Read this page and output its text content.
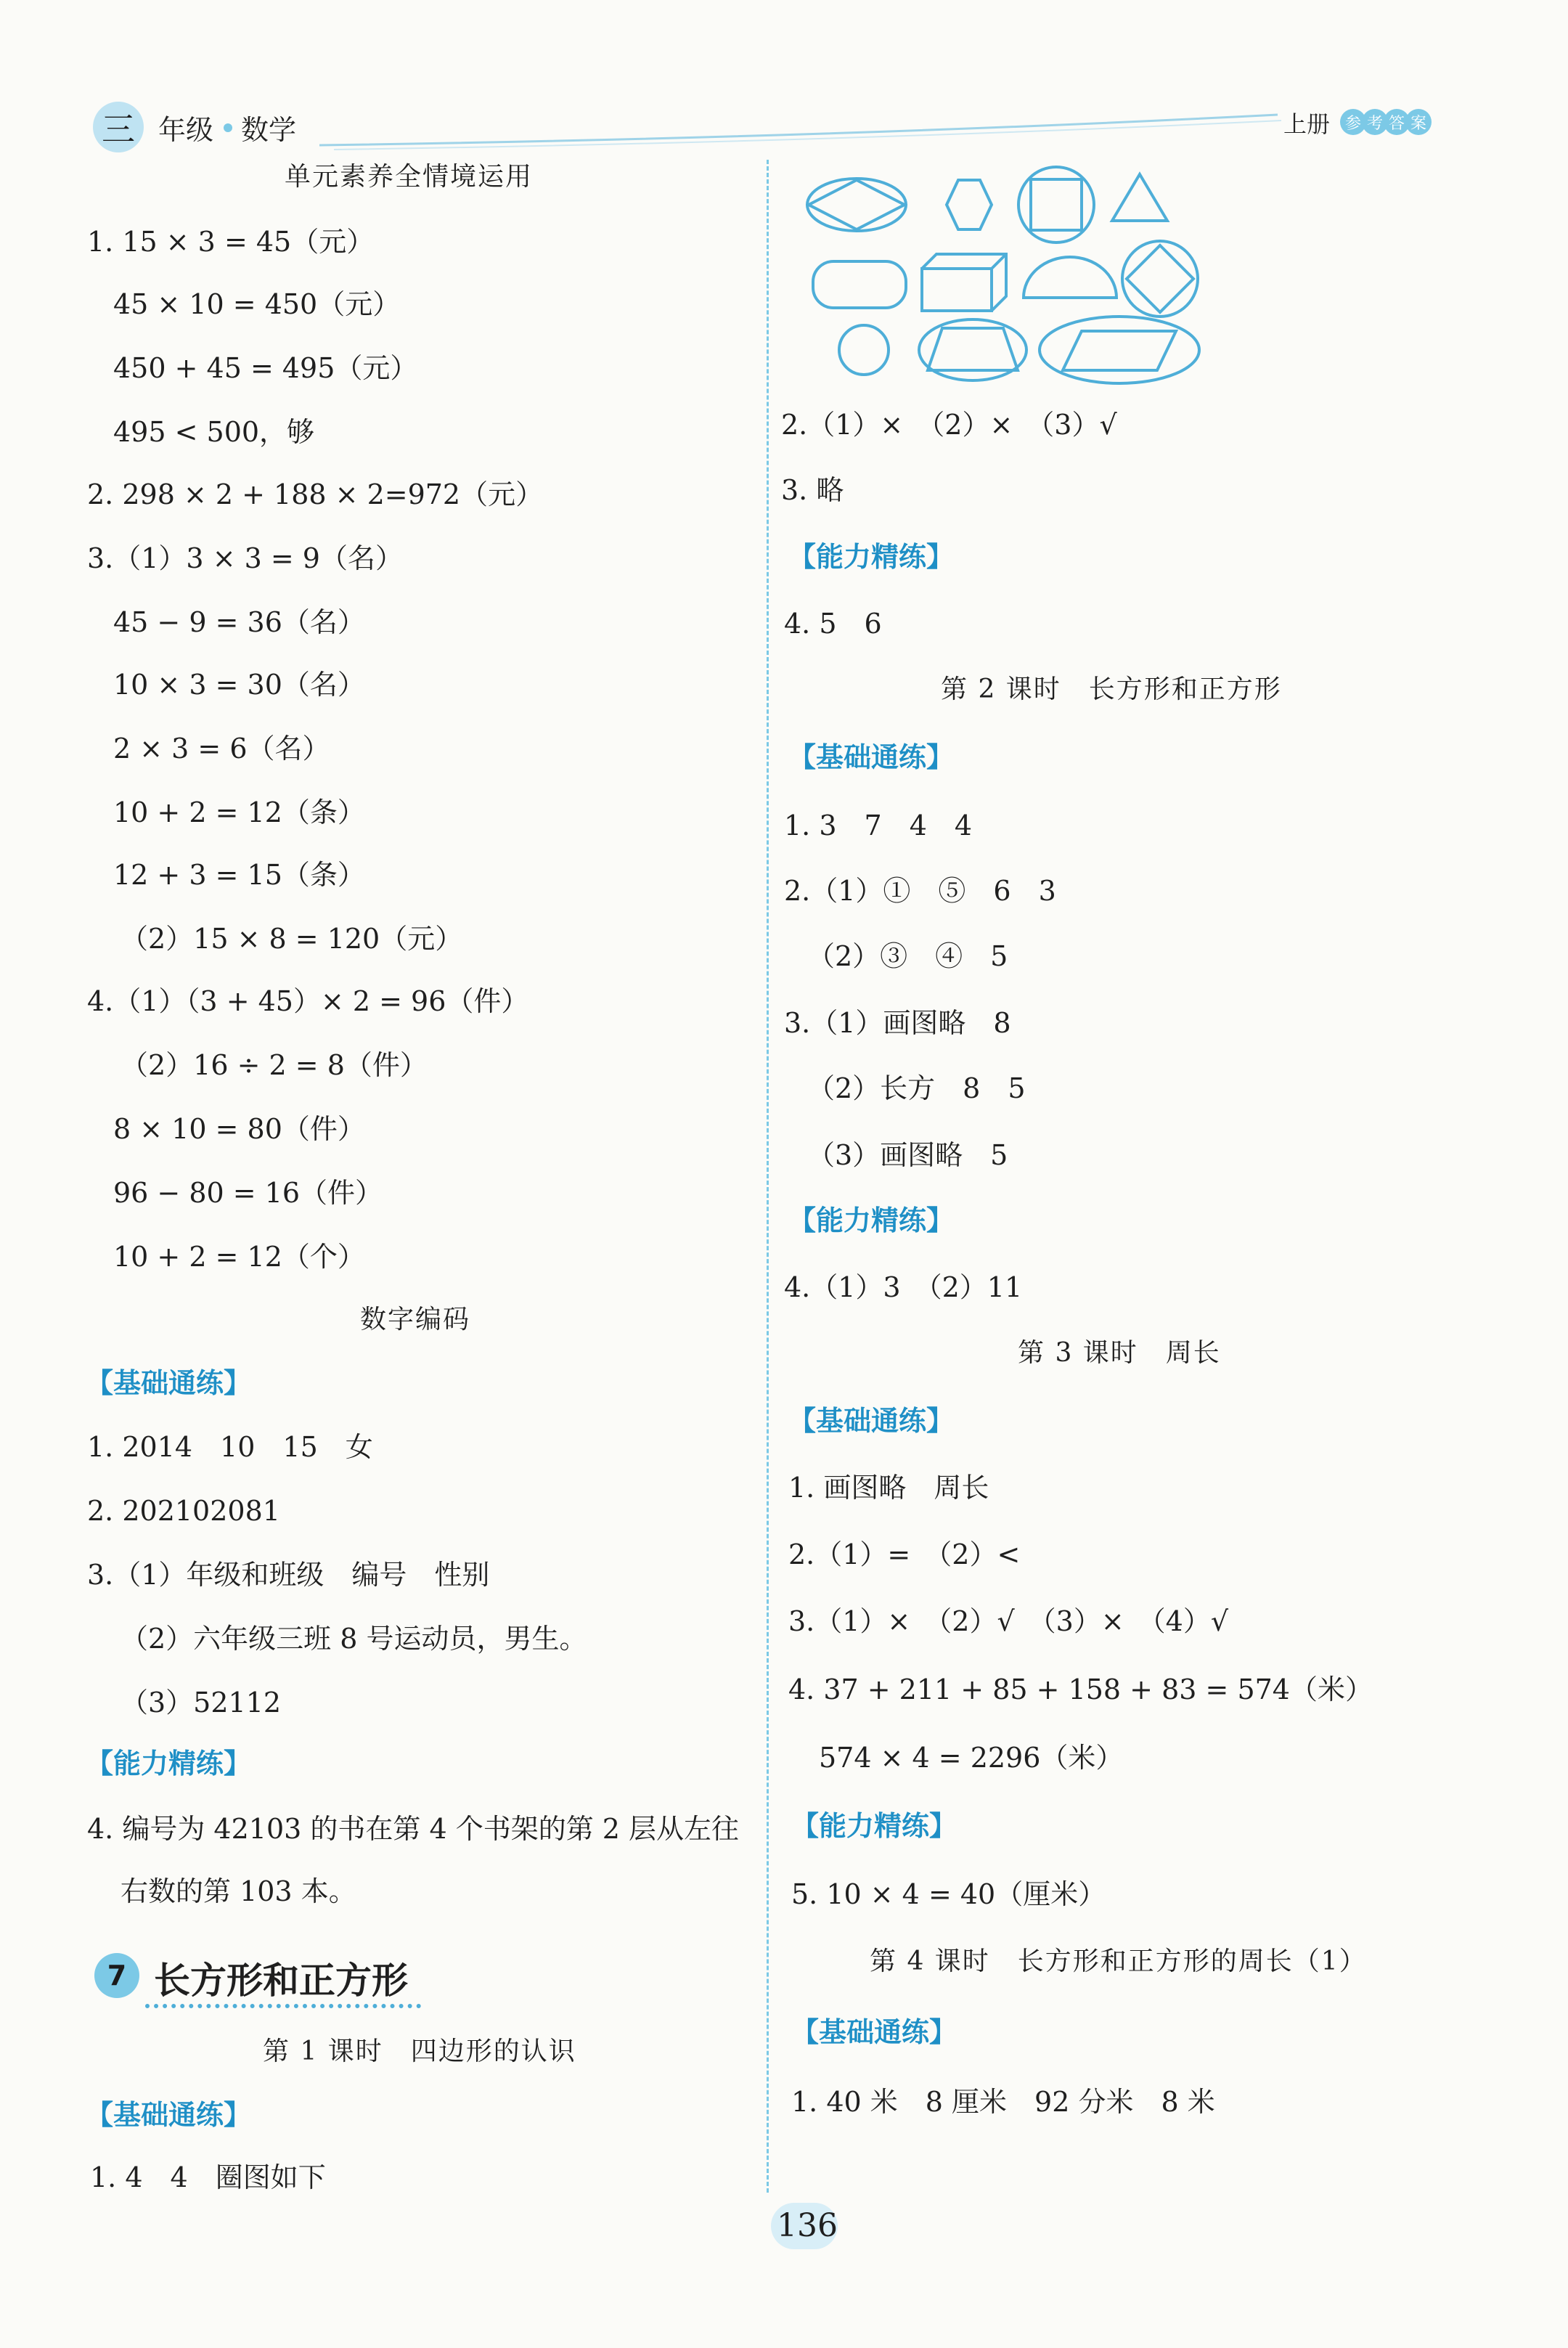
三 年级 数学	上册 参 考 答 案
单元素养全情境运用
1. 15 × 3 = 45（元）
45 × 10 = 450（元）
450 + 45 = 495（元）
495 < 500，够
2. 298 × 2 + 188 × 2=972（元）
3.（1）3 × 3 = 9（名）
45 − 9 = 36（名）
10 × 3 = 30（名）
2 × 3 = 6（名）
10 + 2 = 12（条）
12 + 3 = 15（条）
（2）15 × 8 = 120（元）
4.（1）（3 + 45）× 2 = 96（件）
（2）16 ÷ 2 = 8（件）
8 × 10 = 80（件）
96 − 80 = 16（件）
10 + 2 = 12（个）
数字编码
【基础通练】
1. 2014　10　15　女
2. 202102081
3.（1）年级和班级　编号　性别
（2）六年级三班 8 号运动员，男生。
（3）52112
【能力精练】
4. 编号为 42103 的书在第 4 个书架的第 2 层从左往
右数的第 103 本。
7 长方形和正方形
第 1 课时　四边形的认识
【基础通练】
1. 4　4　圈图如下
2.（1）×　（2）×　（3）√
3. 略
【能力精练】
4. 5　6
第 2 课时　长方形和正方形
【基础通练】
1. 3　7　4　4
2.（1）①　⑤　6　3
（2）③　④　5
3.（1）画图略　8
（2）长方　8　5
（3）画图略　5
【能力精练】
4.（1）3　（2）11
第 3 课时　周长
【基础通练】
1. 画图略　周长
2.（1）=　（2）<
3.（1）×　（2）√　（3）×　（4）√
4. 37 + 211 + 85 + 158 + 83 = 574（米）
574 × 4 = 2296（米）
【能力精练】
5. 10 × 4 = 40（厘米）
第 4 课时　长方形和正方形的周长（1）
【基础通练】
1. 40 米　8 厘米　92 分米　8 米
136
